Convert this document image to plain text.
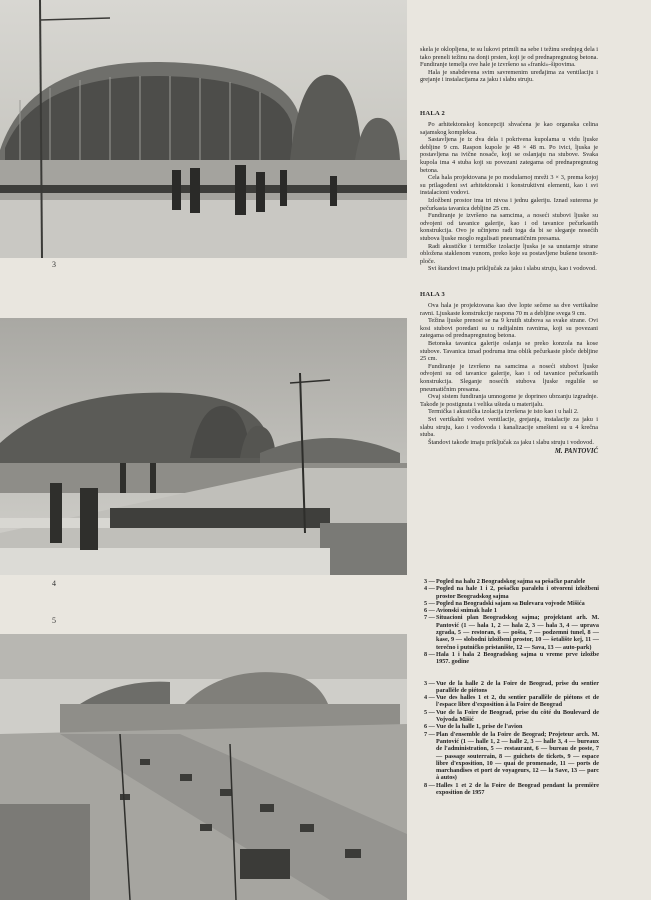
3
4
5

skela je oklopljena, te su lukovi primili na sebe i težinu srednjeg dela i tako preneli težinu na donji prsten, koji je od prednapregnutog betona. Fundiranje temelja ove hale je izvršeno sa «franki»-šipovima.

Hala je snabdevena svim savremenim uređajima za ventilaciju i grejanje i instalacijama za jaku i slabu struju.

HALA 2

Po arhitektonskoj koncepciji shvaćena je kao organska celina sajamskog kompleksa.

Sastavljena je iz dva dela i pokrivena kupolama u vidu ljuske debljine 9 cm. Raspon kupole je 48 × 48 m. Po ivici, ljuska je postavljena na ivične nosače, koji se oslanjaju na stubove. Svaka kupola ima 4 stuba koji su povezani zategama od prednapregnutog betona.

Cela hala projektovana je po modularnoj mreži 3 × 3, prema kojoj su prilagođeni svi arhitektonski i konstruktivni elementi, kao i svi instalacioni vodovi.

Izložbeni prostor ima tri nivoa i jednu galeriju. Iznad suterena je pečurkasta tavanica debljine 25 cm.

Fundiranje je izvršeno na samcima, a noseći stubovi ljuske su odvojeni od tavanice galerije, kao i od tavanice pečurkastih konstrukcija. Ovo je učinjeno radi toga da bi se sleganje nosećih stubova ljuske moglo regulisati pneumatičnim presama.

Radi akustičke i termičke izolacije ljuska je sa unutarnje strane obložena staklenom vunom, preko koje su postavljene bušene tesonit-ploče.

Svi štandovi imaju priključak za jaku i slabu struju, kao i vodovod.

HALA 3

Ova hala je projektovana kao dve lopte sečene sa dve vertikalne ravni. Ljuskaste konstrukcije raspona 70 m a debljine svega 9 cm.

Težina ljuske prenosi se na 9 krutih stubova sa svake strane. Ovi kosi stubovi poređani su u radijalnim ravnima, koji su povezani zategama od prednapregnutog betona.

Betonska tavanica galerije oslanja se preko konzola na kose stubove. Tavanica iznad podruma ima oblik pečurkaste ploče debljine 25 cm.

Fundiranje je izvršeno na samcima a noseći stubovi ljuske odvojeni su od tavanice galerije, kao i od tavanice pečurkastih konstrukcija. Sleganje nosećih stubova ljuske reguliše se pneumatičnim presama.

Ovaj sistem fundiranja umnogome je doprineo ubrzanju izgradnje. Takođe je postignuta i velika ušteda u materijalu.

Termička i akustička izolacija izvršena je isto kao i u hali 2.

Svi vertikalni vodovi ventilacije, grejanja, instalacije za jaku i slabu struju, kao i vodovoda i kanalizacije smešteni su u 4 krečna stuba.

Štandovi takođe imaju priključak za jaku i slabu struju i vodovod.

M. PANTOVIĆ
3 — Pogled na halu 2 Beogradskog sajma sa pešačke paralele
4 — Pogled na hale 1 i 2, pešačku paralelu i otvoreni izložbeni prostor Beogradskog sajma
5 — Pogled na Beogradski sajam sa Bulevara vojvode Mišića
6 — Avionski snimak hale 1
7 — Situacioni plan Beogradskog sajma; projektant arh. M. Pantović (1 — hala 1, 2 — hala 2, 3 — hala 3, 4 — uprava zgrada, 5 — restoran, 6 — pošta, 7 — podzemni tunel, 8 — kase, 9 — slobodni izložbeni prostor, 10 — šetalište kej, 11 — terečno i putničko pristanište, 12 — Sava, 13 — auto-park)
8 — Hala 1 i hala 2 Beogradskog sajma u vreme prve izložbe 1957. godine
3 — Vue de la halle 2 de la Foire de Beograd, prise du sentier parallèle de piétons
4 — Vue des halles 1 et 2, du sentier parallèle de piétons et de l'espace libre d'exposition à la Foire de Beograd
5 — Vue de la Foire de Beograd, prise du côté du Boulevard de Vojvoda Mišić
6 — Vue de la halle 1, prise de l'avion
7 — Plan d'ensemble de la Foire de Beograd; Projeteur arch. M. Pantović (1 — halle 1, 2 — halle 2, 3 — halle 3, 4 — bureaux de l'administration, 5 — restaurant, 6 — bureau de poste, 7 — passage souterrain, 8 — guichets de tickets, 9 — espace libre d'exposition, 10 — quai de promenade, 11 — ports de marchandises et port de voyageurs, 12 — la Save, 13 — parc à autos)
8 — Halles 1 et 2 de la Foire de Beograd pendant la première exposition de 1957
